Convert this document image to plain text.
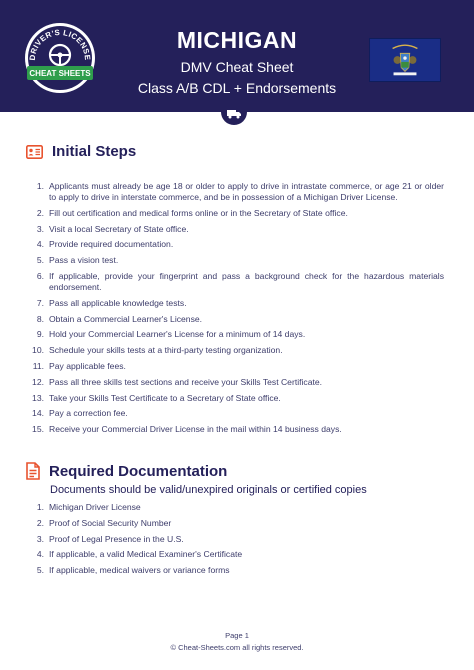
DRIVER'S LICENSE
CHEAT SHEETS
MICHIGAN
DMV Cheat Sheet
Class A/B CDL + Endorsements
Initial Steps
1. Applicants must already be age 18 or older to apply to drive in intrastate commerce, or age 21 or older to apply to drive in interstate commerce, and be in possession of a Michigan Driver License.
2. Fill out certification and medical forms online or in the Secretary of State office.
3. Visit a local Secretary of State office.
4. Provide required documentation.
5. Pass a vision test.
6. If applicable, provide your fingerprint and pass a background check for the hazardous materials endorsement.
7. Pass all applicable knowledge tests.
8. Obtain a Commercial Learner's License.
9. Hold your Commercial Learner's License for a minimum of 14 days.
10. Schedule your skills tests at a third-party testing organization.
11. Pay applicable fees.
12. Pass all three skills test sections and receive your Skills Test Certificate.
13. Take your Skills Test Certificate to a Secretary of State office.
14. Pay a correction fee.
15. Receive your Commercial Driver License in the mail within 14 business days.
Required Documentation
Documents should be valid/unexpired originals or certified copies
1. Michigan Driver License
2. Proof of Social Security Number
3. Proof of Legal Presence in the U.S.
4. If applicable, a valid Medical Examiner's Certificate
5. If applicable, medical waivers or variance forms
Page 1
© Cheat-Sheets.com all rights reserved.
